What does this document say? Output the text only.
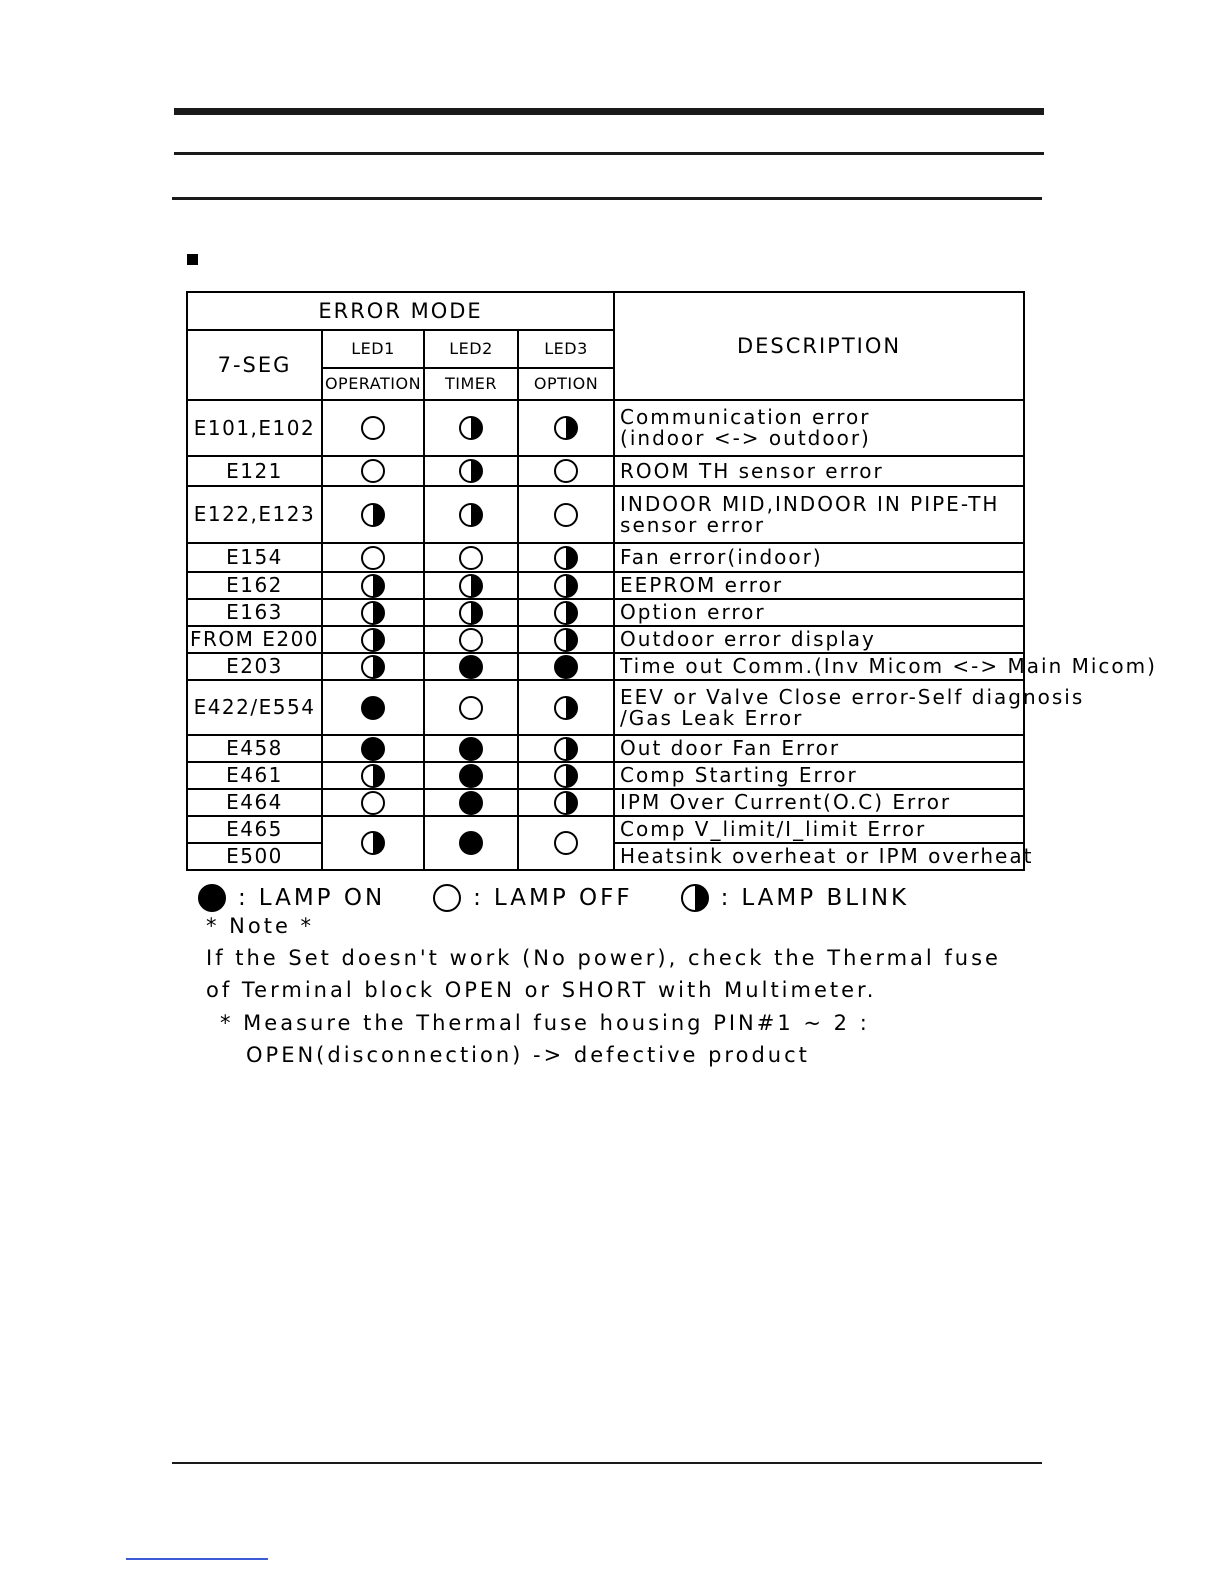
ERROR MODE				DESCRIPTION
7-SEG	LED1	LED2	LED3	
	OPERATION	TIMER	OPTION	
E101,E102				Communication error
(indoor <-> outdoor)

E121				ROOM TH sensor error

E122,E123				INDOOR MID,INDOOR IN PIPE-TH
sensor error

E154				Fan error(indoor)

E162				EEPROM error

E163				Option error

FROM E200				Outdoor error display

E203				Time out Comm.(Inv Micom <-> Main Micom)

E422/E554				EEV or Valve Close error-Self diagnosis
/Gas Leak Error

E458				Out door Fan Error

E461				Comp Starting Error

E464				IPM Over Current(O.C) Error

E465				Comp V_limit/I_limit Error

E500				Heatsink overheat or IPM overheat
: LAMP ON	: LAMP OFF	: LAMP BLINK
* Note *
If the Set doesn't work (No power), check the Thermal fuse
of Terminal block OPEN or SHORT with Multimeter.
* Measure the Thermal fuse housing PIN#1 ~ 2 :
OPEN(disconnection) -> defective product
